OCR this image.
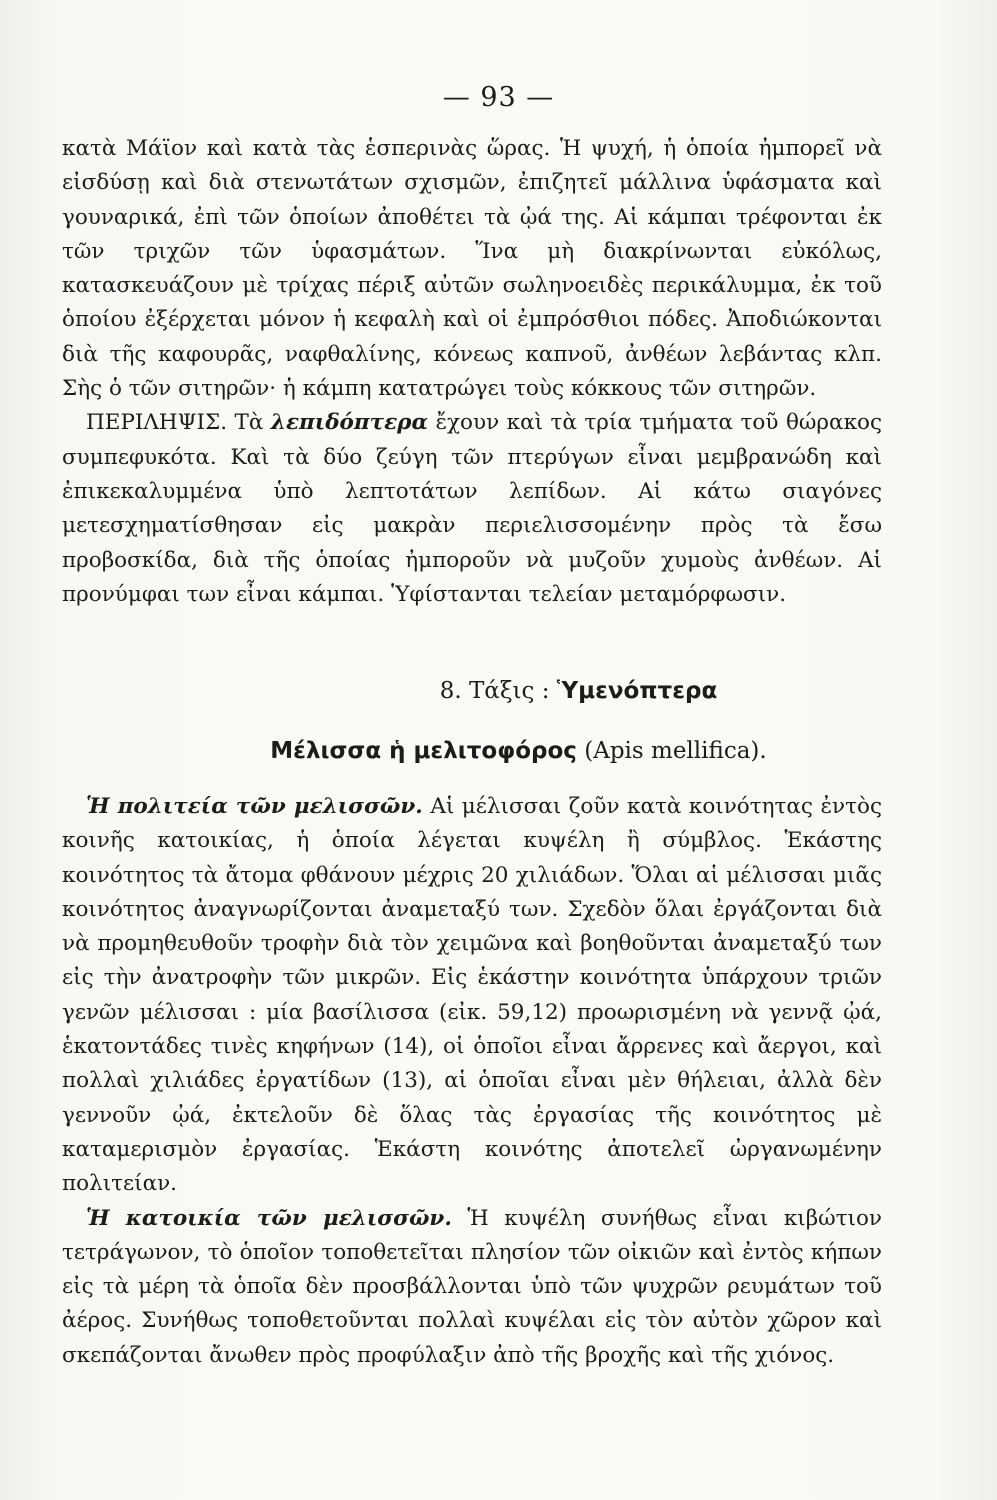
— 93 —

κατὰ Μάϊον καὶ κατὰ τὰς ἑσπερινὰς ὥρας. Ἡ ψυχή, ἡ ὁποία ἠμπορεῖ νὰ εἰσδύσῃ καὶ διὰ στενωτάτων σχισμῶν, ἐπιζητεῖ μάλλινα ὑφάσματα καὶ γουναρικά, ἐπὶ τῶν ὁποίων ἀποθέτει τὰ ᾠά της. Αἱ κάμπαι τρέφονται ἐκ τῶν τριχῶν τῶν ὑφασμάτων. Ἵνα μὴ διακρίνωνται εὐκόλως, κατασκευάζουν μὲ τρίχας πέριξ αὐτῶν σωληνοειδὲς περικάλυμμα, ἐκ τοῦ ὁποίου ἐξέρχεται μόνον ἡ κεφαλὴ καὶ οἱ ἐμπρόσθιοι πόδες. Ἀποδιώκονται διὰ τῆς καφουρᾶς, ναφθαλίνης, κόνεως καπνοῦ, ἀνθέων λεβάντας κλπ. Σὴς ὁ τῶν σιτηρῶν· ἡ κάμπη κατατρώγει τοὺς κόκκους τῶν σιτηρῶν.

ΠΕΡΙΛΗΨΙΣ. Τὰ λεπιδόπτερα ἔχουν καὶ τὰ τρία τμήματα τοῦ θώρακος συμπεφυκότα. Καὶ τὰ δύο ζεύγη τῶν πτερύγων εἶναι μεμβρανώδη καὶ ἐπικεκαλυμμένα ὑπὸ λεπτοτάτων λεπίδων. Αἱ κάτω σιαγόνες μετεσχηματίσθησαν εἰς μακρὰν περιελισσομένην πρὸς τὰ ἔσω προβοσκίδα, διὰ τῆς ὁποίας ἠμποροῦν νὰ μυζοῦν χυμοὺς ἀνθέων. Αἱ προνύμφαι των εἶναι κάμπαι. Ὑφίστανται τελείαν μεταμόρφωσιν.

8. Τάξις : Ὑμενόπτερα
Μέλισσα ἡ μελιτοφόρος (Apis mellifica).

Ἡ πολιτεία τῶν μελισσῶν. Αἱ μέλισσαι ζοῦν κατὰ κοινότητας ἐντὸς κοινῆς κατοικίας, ἡ ὁποία λέγεται κυψέλη ἢ σύμβλος. Ἑκάστης κοινότητος τὰ ἄτομα φθάνουν μέχρις 20 χιλιάδων. Ὅλαι αἱ μέλισσαι μιᾶς κοινότητος ἀναγνωρίζονται ἀναμεταξύ των. Σχεδὸν ὅλαι ἐργάζονται διὰ νὰ προμηθευθοῦν τροφὴν διὰ τὸν χειμῶνα καὶ βοηθοῦνται ἀναμεταξύ των εἰς τὴν ἀνατροφὴν τῶν μικρῶν. Εἰς ἑκάστην κοινότητα ὑπάρχουν τριῶν γενῶν μέλισσαι : μία βασίλισσα (εἰκ. 59,12) προωρισμένη νὰ γεννᾷ ᾠά, ἑκατοντάδες τινὲς κηφήνων (14), οἱ ὁποῖοι εἶναι ἄρρενες καὶ ἄεργοι, καὶ πολλαὶ χιλιάδες ἐργατίδων (13), αἱ ὁποῖαι εἶναι μὲν θήλειαι, ἀλλὰ δὲν γεννοῦν ᾠά, ἐκτελοῦν δὲ ὅλας τὰς ἐργασίας τῆς κοινότητος μὲ καταμερισμὸν ἐργασίας. Ἑκάστη κοινότης ἀποτελεῖ ὠργανωμένην πολιτείαν.

Ἡ κατοικία τῶν μελισσῶν. Ἡ κυψέλη συνήθως εἶναι κιβώτιον τετράγωνον, τὸ ὁποῖον τοποθετεῖται πλησίον τῶν οἰκιῶν καὶ ἐντὸς κήπων εἰς τὰ μέρη τὰ ὁποῖα δὲν προσβάλλονται ὑπὸ τῶν ψυχρῶν ρευμάτων τοῦ ἀέρος. Συνήθως τοποθετοῦνται πολλαὶ κυψέλαι εἰς τὸν αὐτὸν χῶρον καὶ σκεπάζονται ἄνωθεν πρὸς προφύλαξιν ἀπὸ τῆς βροχῆς καὶ τῆς χιόνος.
